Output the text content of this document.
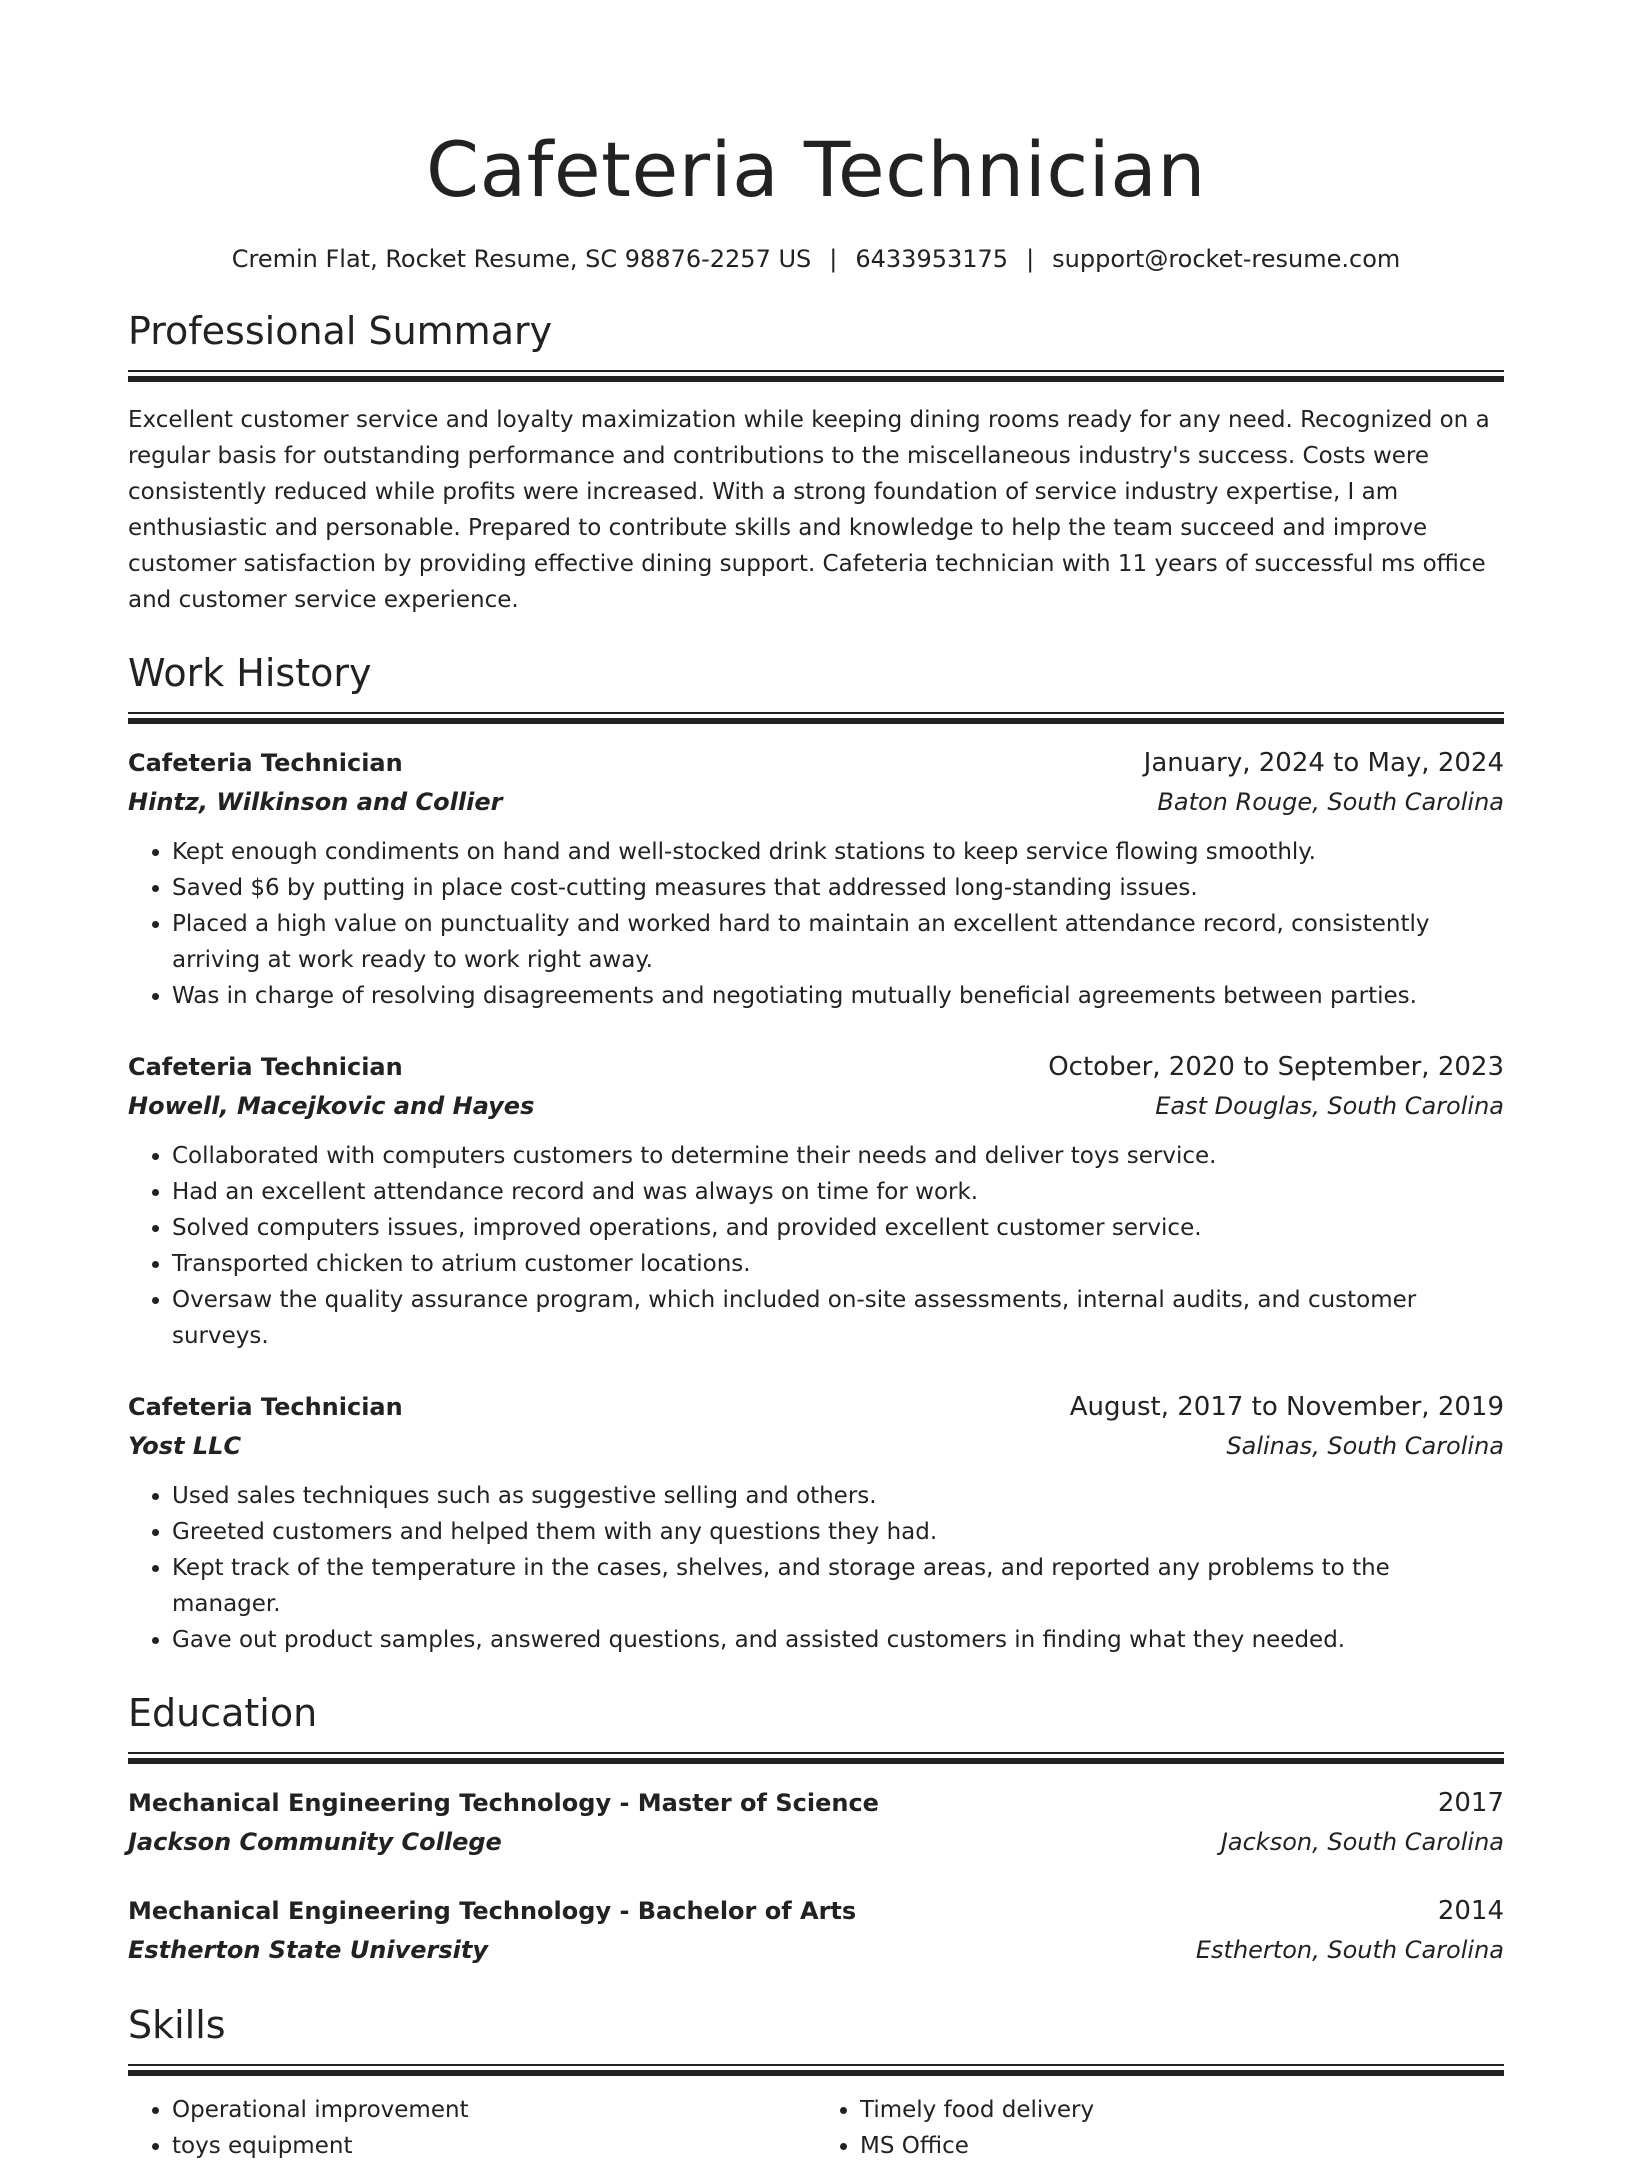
Cafeteria Technician
Cremin Flat, Rocket Resume, SC 98876-2257 US | 6433953175 | support@rocket-resume.com
Professional Summary
Excellent customer service and loyalty maximization while keeping dining rooms ready for any need. Recognized on a regular basis for outstanding performance and contributions to the miscellaneous industry's success. Costs were consistently reduced while profits were increased. With a strong foundation of service industry expertise, I am enthusiastic and personable. Prepared to contribute skills and knowledge to help the team succeed and improve customer satisfaction by providing effective dining support. Cafeteria technician with 11 years of successful ms office and customer service experience.
Work History
Cafeteria Technician	January, 2024 to May, 2024
Hintz, Wilkinson and Collier	Baton Rouge, South Carolina
• Kept enough condiments on hand and well-stocked drink stations to keep service flowing smoothly.
• Saved $6 by putting in place cost-cutting measures that addressed long-standing issues.
• Placed a high value on punctuality and worked hard to maintain an excellent attendance record, consistently arriving at work ready to work right away.
• Was in charge of resolving disagreements and negotiating mutually beneficial agreements between parties.
Cafeteria Technician	October, 2020 to September, 2023
Howell, Macejkovic and Hayes	East Douglas, South Carolina
• Collaborated with computers customers to determine their needs and deliver toys service.
• Had an excellent attendance record and was always on time for work.
• Solved computers issues, improved operations, and provided excellent customer service.
• Transported chicken to atrium customer locations.
• Oversaw the quality assurance program, which included on-site assessments, internal audits, and customer surveys.
Cafeteria Technician	August, 2017 to November, 2019
Yost LLC	Salinas, South Carolina
• Used sales techniques such as suggestive selling and others.
• Greeted customers and helped them with any questions they had.
• Kept track of the temperature in the cases, shelves, and storage areas, and reported any problems to the manager.
• Gave out product samples, answered questions, and assisted customers in finding what they needed.
Education
Mechanical Engineering Technology - Master of Science	2017
Jackson Community College	Jackson, South Carolina
Mechanical Engineering Technology - Bachelor of Arts	2014
Estherton State University	Estherton, South Carolina
Skills
• Operational improvement
• toys equipment
• Timely food delivery
• MS Office
